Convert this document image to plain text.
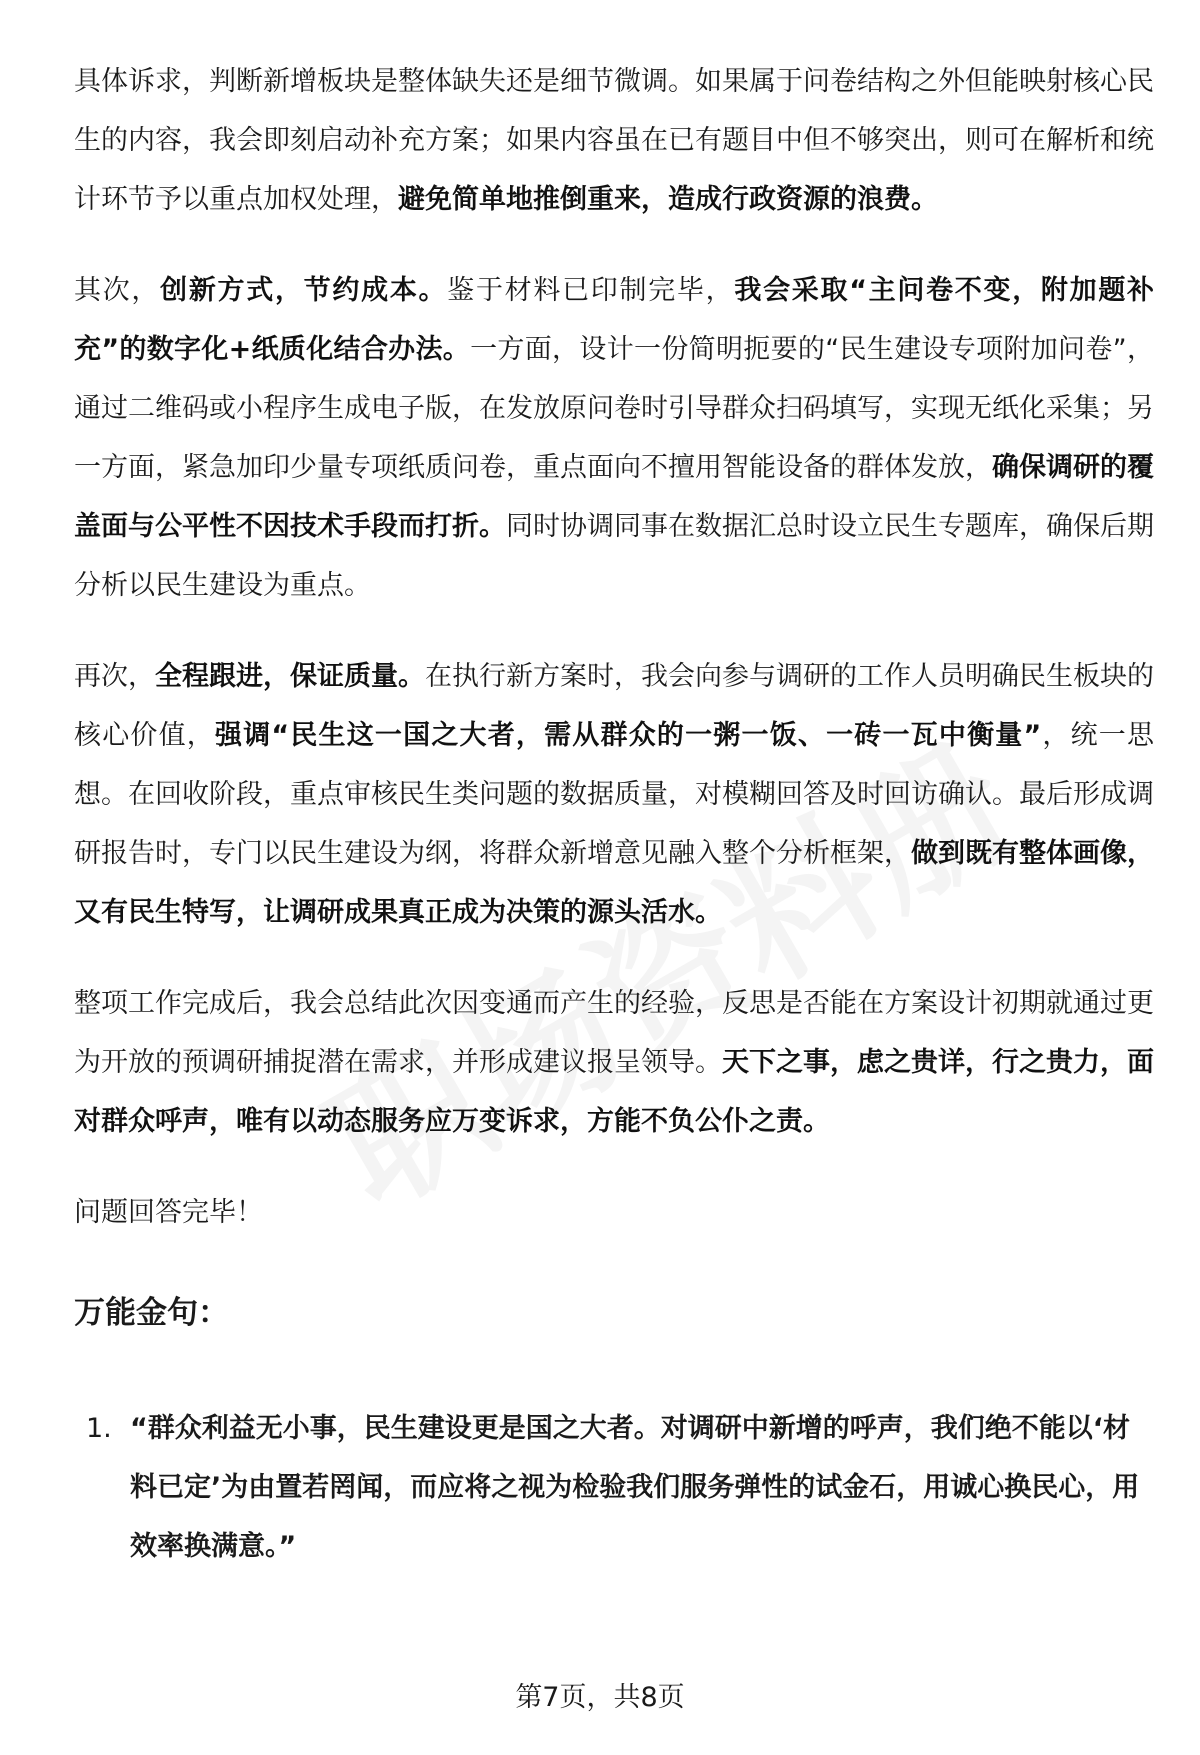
具体诉求，判断新增板块是整体缺失还是细节微调。如果属于问卷结构之外但能映射核心民生的内容，我会即刻启动补充方案；如果内容虽在已有题目中但不够突出，则可在解析和统计环节予以重点加权处理，避免简单地推倒重来，造成行政资源的浪费。
其次，创新方式，节约成本。鉴于材料已印制完毕，我会采取“主问卷不变，附加题补充”的数字化+纸质化结合办法。一方面，设计一份简明扼要的“民生建设专项附加问卷”，通过二维码或小程序生成电子版，在发放原问卷时引导群众扫码填写，实现无纸化采集；另一方面，紧急加印少量专项纸质问卷，重点面向不擅用智能设备的群体发放，确保调研的覆盖面与公平性不因技术手段而打折。同时协调同事在数据汇总时设立民生专题库，确保后期分析以民生建设为重点。
再次，全程跟进，保证质量。在执行新方案时，我会向参与调研的工作人员明确民生板块的核心价值，强调“民生这一国之大者，需从群众的一粥一饭、一砖一瓦中衡量”，统一思想。在回收阶段，重点审核民生类问题的数据质量，对模糊回答及时回访确认。最后形成调研报告时，专门以民生建设为纲，将群众新增意见融入整个分析框架，做到既有整体画像，又有民生特写，让调研成果真正成为决策的源头活水。
整项工作完成后，我会总结此次因变通而产生的经验，反思是否能在方案设计初期就通过更为开放的预调研捕捉潜在需求，并形成建议报呈领导。天下之事，虑之贵详，行之贵力，面对群众呼声，唯有以动态服务应万变诉求，方能不负公仆之责。
问题回答完毕！
万能金句：
1. “群众利益无小事，民生建设更是国之大者。对调研中新增的呼声，我们绝不能以‘材料已定’为由置若罔闻，而应将之视为检验我们服务弹性的试金石，用诚心换民心，用效率换满意。”
第7页，共8页
